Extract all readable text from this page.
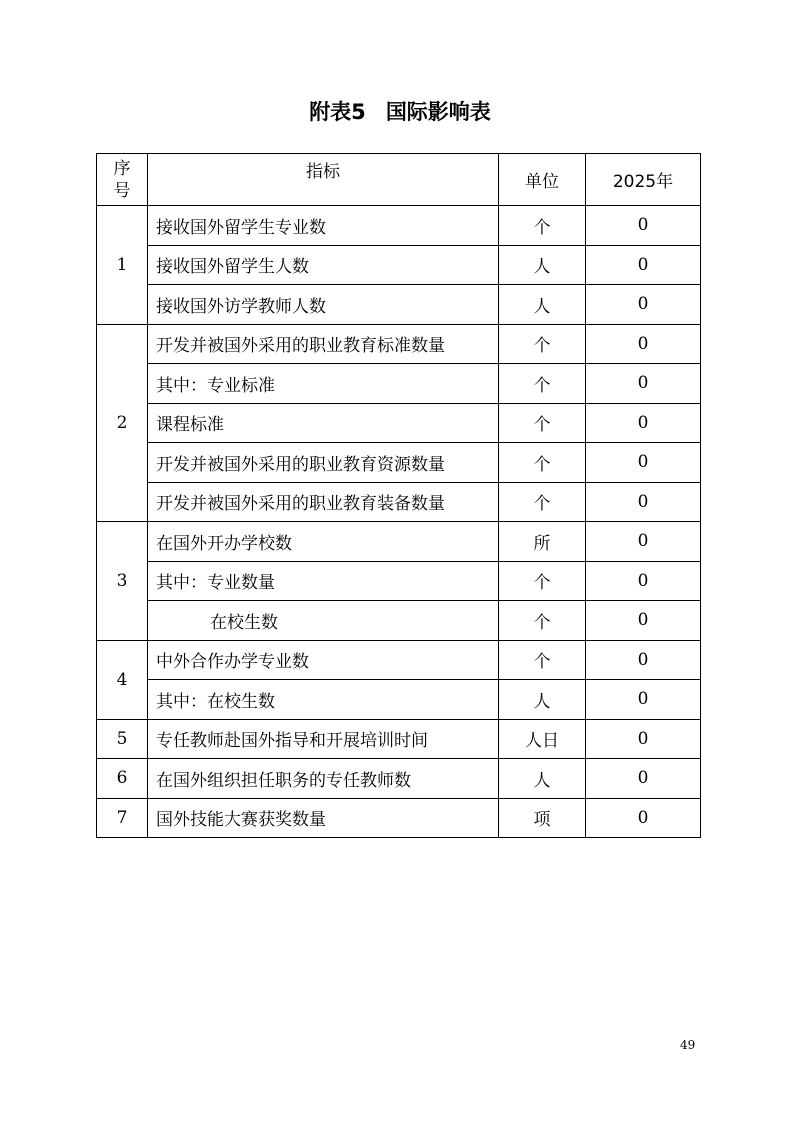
附表5 国际影响表
序
号	指标	单位	2025年
1	接收国外留学生专业数	个	0
	接收国外留学生人数	人	0
	接收国外访学教师人数	人	0
2	开发并被国外采用的职业教育标准数量	个	0
	其中：专业标准	个	0
	课程标准	个	0
	开发并被国外采用的职业教育资源数量	个	0
	开发并被国外采用的职业教育装备数量	个	0
3	在国外开办学校数	所	0
	其中：专业数量	个	0
	在校生数	个	0
4	中外合作办学专业数	个	0
	其中：在校生数	人	0
5	专任教师赴国外指导和开展培训时间	人日	0
6	在国外组织担任职务的专任教师数	人	0
7	国外技能大赛获奖数量	项	0
49
